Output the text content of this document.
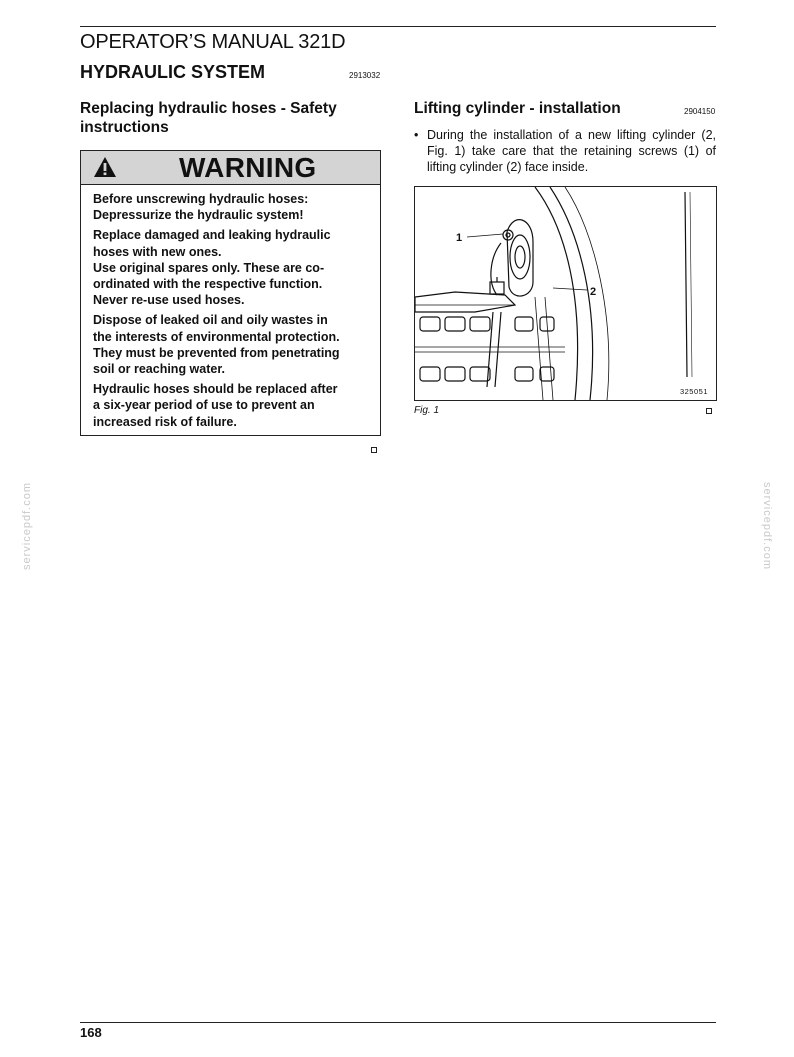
OPERATOR’S MANUAL 321D
HYDRAULIC SYSTEM	2913032
Replacing hydraulic hoses - Safety instructions
WARNING

Before unscrewing hydraulic hoses:
Depressurize the hydraulic system!

Replace damaged and leaking hydraulic
hoses with new ones.
Use original spares only. These are co-
ordinated with the respective function.
Never re-use used hoses.

Dispose of leaked oil and oily wastes in
the interests of environmental protection.
They must be prevented from penetrating
soil or reaching water.

Hydraulic hoses should be replaced after
a six-year period of use to prevent an
increased risk of failure.

Lifting cylinder - installation	2904150
• During the installation of a new lifting cylinder (2, Fig. 1) take care that the retaining screws (1) of lifting cylinder (2) face inside.
1
2
325051
Fig. 1
servicepdf.com	servicepdf.com
168
